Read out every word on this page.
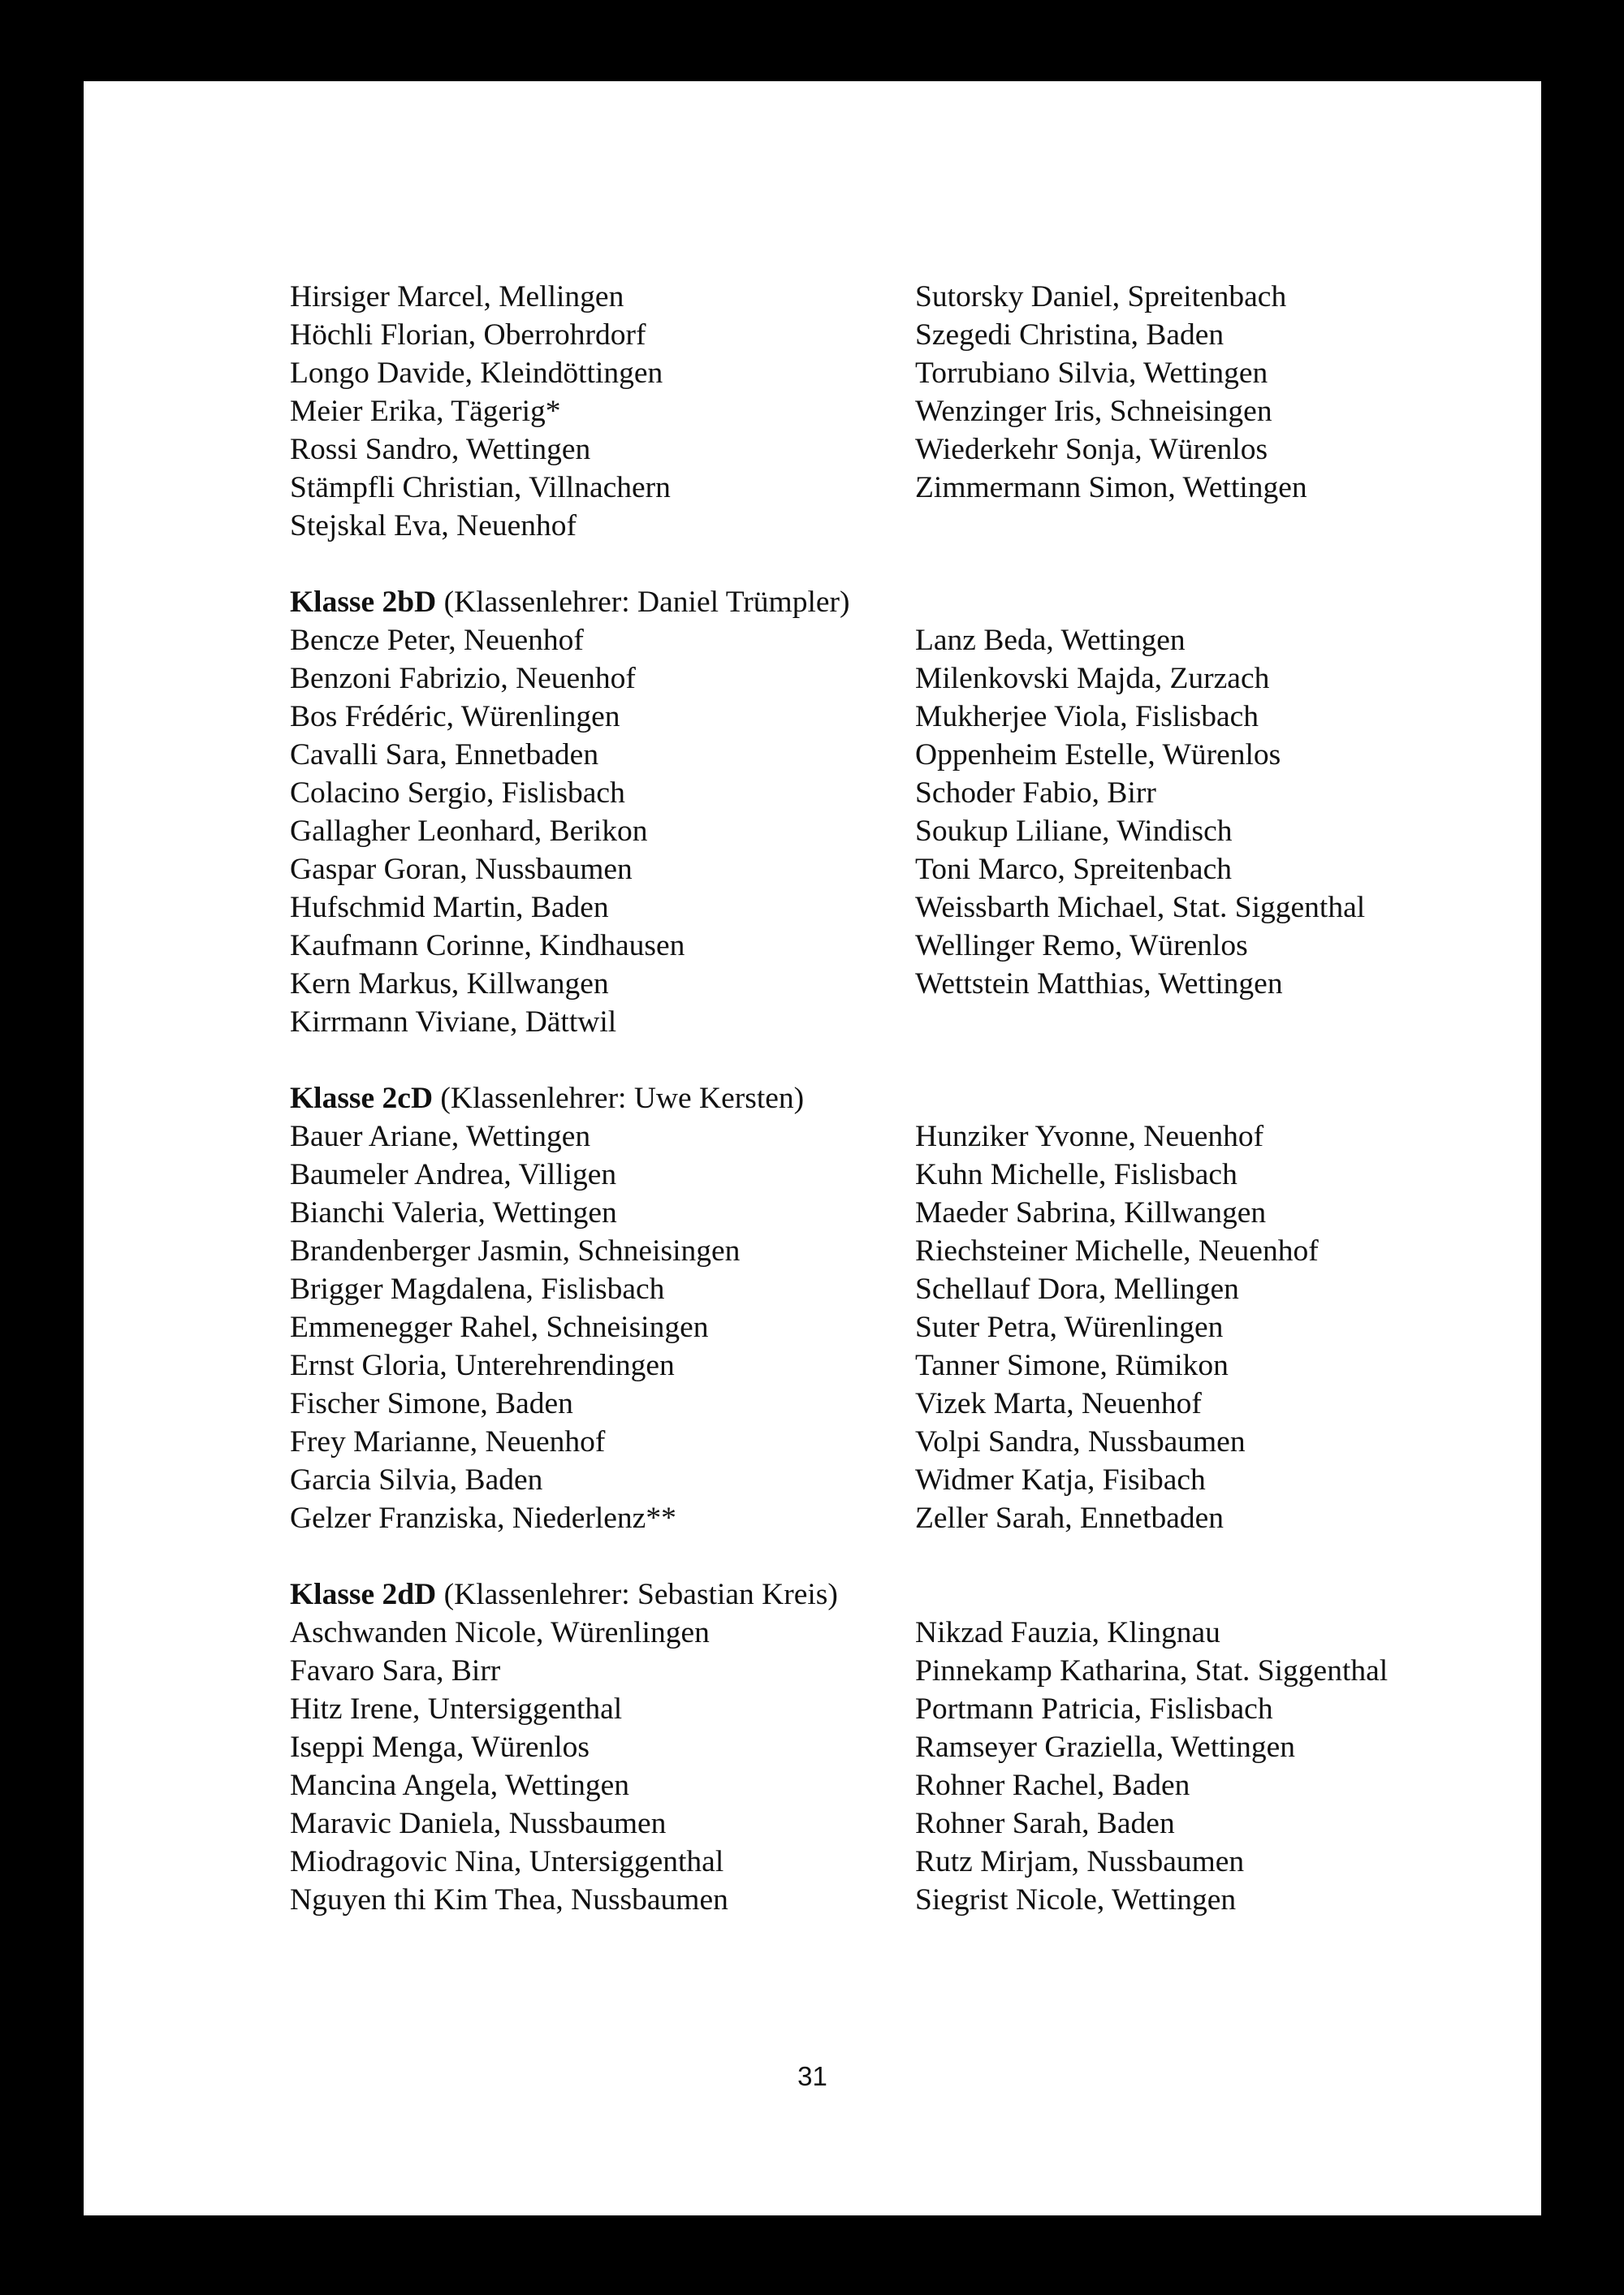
Hirsiger Marcel, Mellingen
Höchli Florian, Oberrohrdorf
Longo Davide, Kleindöttingen
Meier Erika, Tägerig*
Rossi Sandro, Wettingen
Stämpfli Christian, Villnachern
Stejskal Eva, Neuenhof
Sutorsky Daniel, Spreitenbach
Szegedi Christina, Baden
Torrubiano Silvia, Wettingen
Wenzinger Iris, Schneisingen
Wiederkehr Sonja, Würenlos
Zimmermann Simon, Wettingen
Klasse 2bD (Klassenlehrer: Daniel Trümpler)
Bencze Peter, Neuenhof
Benzoni Fabrizio, Neuenhof
Bos Frédéric, Würenlingen
Cavalli Sara, Ennetbaden
Colacino Sergio, Fislisbach
Gallagher Leonhard, Berikon
Gaspar Goran, Nussbaumen
Hufschmid Martin, Baden
Kaufmann Corinne, Kindhausen
Kern Markus, Killwangen
Kirrmann Viviane, Dättwil
Lanz Beda, Wettingen
Milenkovski Majda, Zurzach
Mukherjee Viola, Fislisbach
Oppenheim Estelle, Würenlos
Schoder Fabio, Birr
Soukup Liliane, Windisch
Toni Marco, Spreitenbach
Weissbarth Michael, Stat. Siggenthal
Wellinger Remo, Würenlos
Wettstein Matthias, Wettingen
Klasse 2cD (Klassenlehrer: Uwe Kersten)
Bauer Ariane, Wettingen
Baumeler Andrea, Villigen
Bianchi Valeria, Wettingen
Brandenberger Jasmin, Schneisingen
Brigger Magdalena, Fislisbach
Emmenegger Rahel, Schneisingen
Ernst Gloria, Unterehrendingen
Fischer Simone, Baden
Frey Marianne, Neuenhof
Garcia Silvia, Baden
Gelzer Franziska, Niederlenz**
Hunziker Yvonne, Neuenhof
Kuhn Michelle, Fislisbach
Maeder Sabrina, Killwangen
Riechsteiner Michelle, Neuenhof
Schellauf Dora, Mellingen
Suter Petra, Würenlingen
Tanner Simone, Rümikon
Vizek Marta, Neuenhof
Volpi Sandra, Nussbaumen
Widmer Katja, Fisibach
Zeller Sarah, Ennetbaden
Klasse 2dD (Klassenlehrer: Sebastian Kreis)
Aschwanden Nicole, Würenlingen
Favaro Sara, Birr
Hitz Irene, Untersiggenthal
Iseppi Menga, Würenlos
Mancina Angela, Wettingen
Maravic Daniela, Nussbaumen
Miodragovic Nina, Untersiggenthal
Nguyen thi Kim Thea, Nussbaumen
Nikzad Fauzia, Klingnau
Pinnekamp Katharina, Stat. Siggenthal
Portmann Patricia, Fislisbach
Ramseyer Graziella, Wettingen
Rohner Rachel, Baden
Rohner Sarah, Baden
Rutz Mirjam, Nussbaumen
Siegrist Nicole, Wettingen
31
